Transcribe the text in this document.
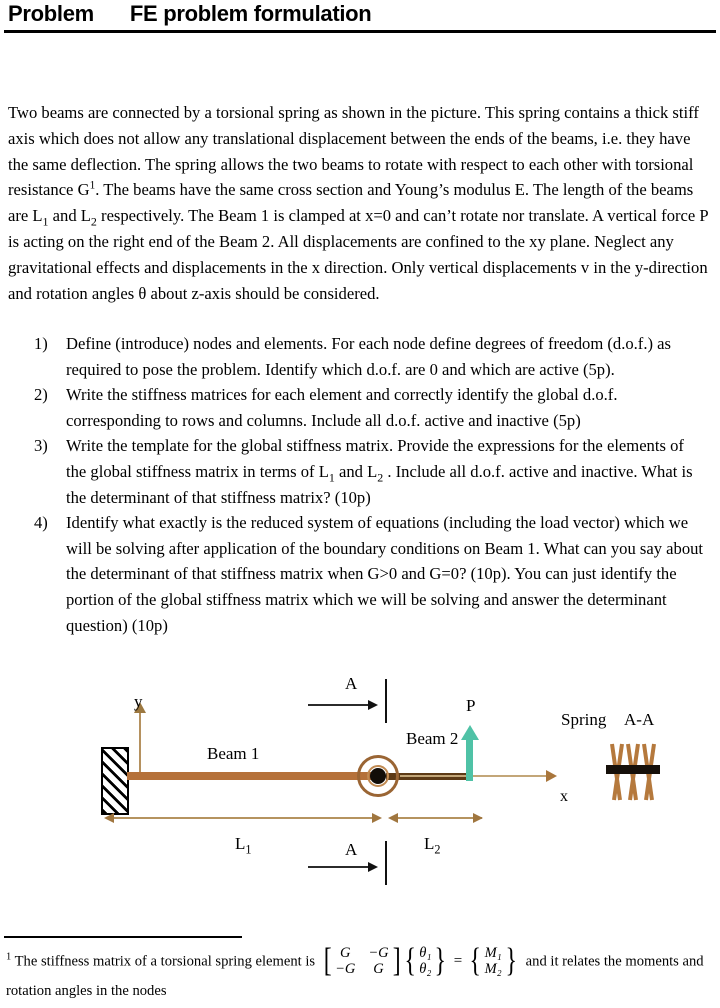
Problem FE problem formulation
Two beams are connected by a torsional spring as shown in the picture. This spring contains a thick stiff axis which does not allow any translational displacement between the ends of the beams, i.e. they have the same deflection. The spring allows the two beams to rotate with respect to each other with torsional resistance G$^1$. The beams have the same cross section and Young’s modulus E. The length of the beams are $L_1$ and $L_2$ respectively. The Beam 1 is clamped at x=0 and can’t rotate nor translate. A vertical force P is acting on the right end of the Beam 2. All displacements are confined to the xy plane. Neglect any gravitational effects and displacements in the x direction. Only vertical displacements v in the y-direction and rotation angles θ about z-axis should be considered.
1)	Define (introduce) nodes and elements. For each node define degrees of freedom (d.o.f.) as required to pose the problem. Identify which d.o.f. are 0 and which are active (5p).
2)	Write the stiffness matrices for each element and correctly identify the global d.o.f. corresponding to rows and columns. Include all d.o.f. active and inactive (5p)
3)	Write the template for the global stiffness matrix. Provide the expressions for the elements of the global stiffness matrix in terms of $L_1$ and $L_2$ . Include all d.o.f. active and inactive. What is the determinant of that stiffness matrix? (10p)
4)	Identify what exactly is the reduced system of equations (including the load vector) which we will be solving after application of the boundary conditions on Beam 1. What can you say about the determinant of that stiffness matrix when G>0 and G=0? (10p). You can just identify the portion of the global stiffness matrix which we will be solving and answer the determinant question) (10p)
A
y
Beam 1
Beam 2
x
P
Spring A-A
$L_1$	$L_2$
A
$^1$ The stiffness matrix of a torsional spring element is [ G	−G
−G	G ] { θ₁
θ₂ } = { M₁
M₂ } and it relates the moments and rotation angles in the nodes
